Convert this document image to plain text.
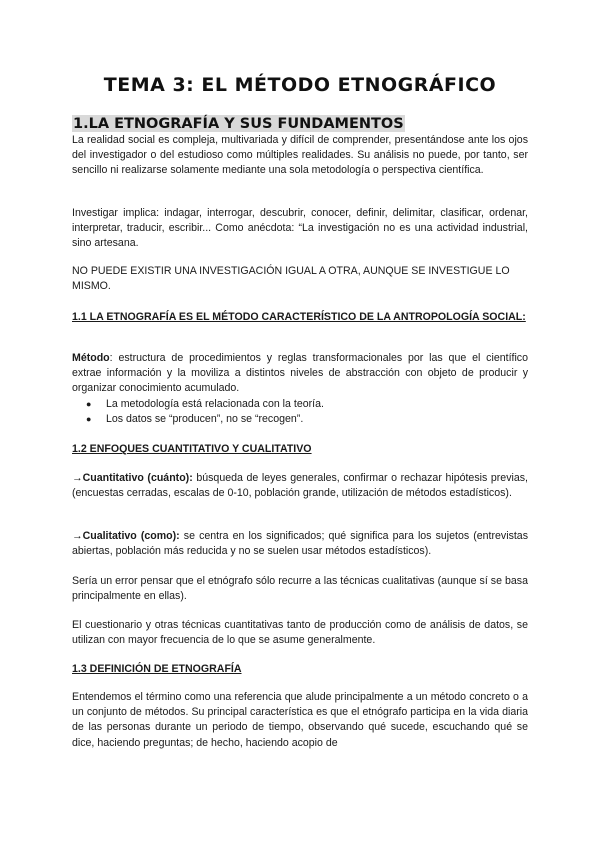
TEMA 3: EL MÉTODO ETNOGRÁFICO
1.LA ETNOGRAFÍA Y SUS FUNDAMENTOS
La realidad social es compleja, multivariada y difícil de comprender, presentándose ante los ojos del investigador o del estudioso como múltiples realidades. Su análisis no puede, por tanto, ser sencillo ni realizarse solamente mediante una sola metodología o perspectiva científica.
Investigar implica: indagar, interrogar, descubrir, conocer, definir, delimitar, clasificar, ordenar, interpretar, traducir, escribir... Como anécdota: “La investigación no es una actividad industrial, sino artesana.
NO PUEDE EXISTIR UNA INVESTIGACIÓN IGUAL A OTRA, AUNQUE SE INVESTIGUE LO MISMO.
1.1 LA ETNOGRAFÍA ES EL MÉTODO CARACTERÍSTICO DE LA ANTROPOLOGÍA SOCIAL:
Método: estructura de procedimientos y reglas transformacionales por las que el científico extrae información y la moviliza a distintos niveles de abstracción con objeto de producir y organizar conocimiento acumulado.
● La metodología está relacionada con la teoría.
● Los datos se “producen”, no se “recogen”.
1.2 ENFOQUES CUANTITATIVO Y CUALITATIVO
→Cuantitativo (cuánto): búsqueda de leyes generales, confirmar o rechazar hipótesis previas, (encuestas cerradas, escalas de 0-10, población grande, utilización de métodos estadísticos).
→Cualitativo (como): se centra en los significados; qué significa para los sujetos (entrevistas abiertas, población más reducida y no se suelen usar métodos estadísticos).
Sería un error pensar que el etnógrafo sólo recurre a las técnicas cualitativas (aunque sí se basa principalmente en ellas).
El cuestionario y otras técnicas cuantitativas tanto de producción como de análisis de datos, se utilizan con mayor frecuencia de lo que se asume generalmente.
1.3 DEFINICIÓN DE ETNOGRAFÍA
Entendemos el término como una referencia que alude principalmente a un método concreto o a un conjunto de métodos. Su principal característica es que el etnógrafo participa en la vida diaria de las personas durante un periodo de tiempo, observando qué sucede, escuchando qué se dice, haciendo preguntas; de hecho, haciendo acopio de
